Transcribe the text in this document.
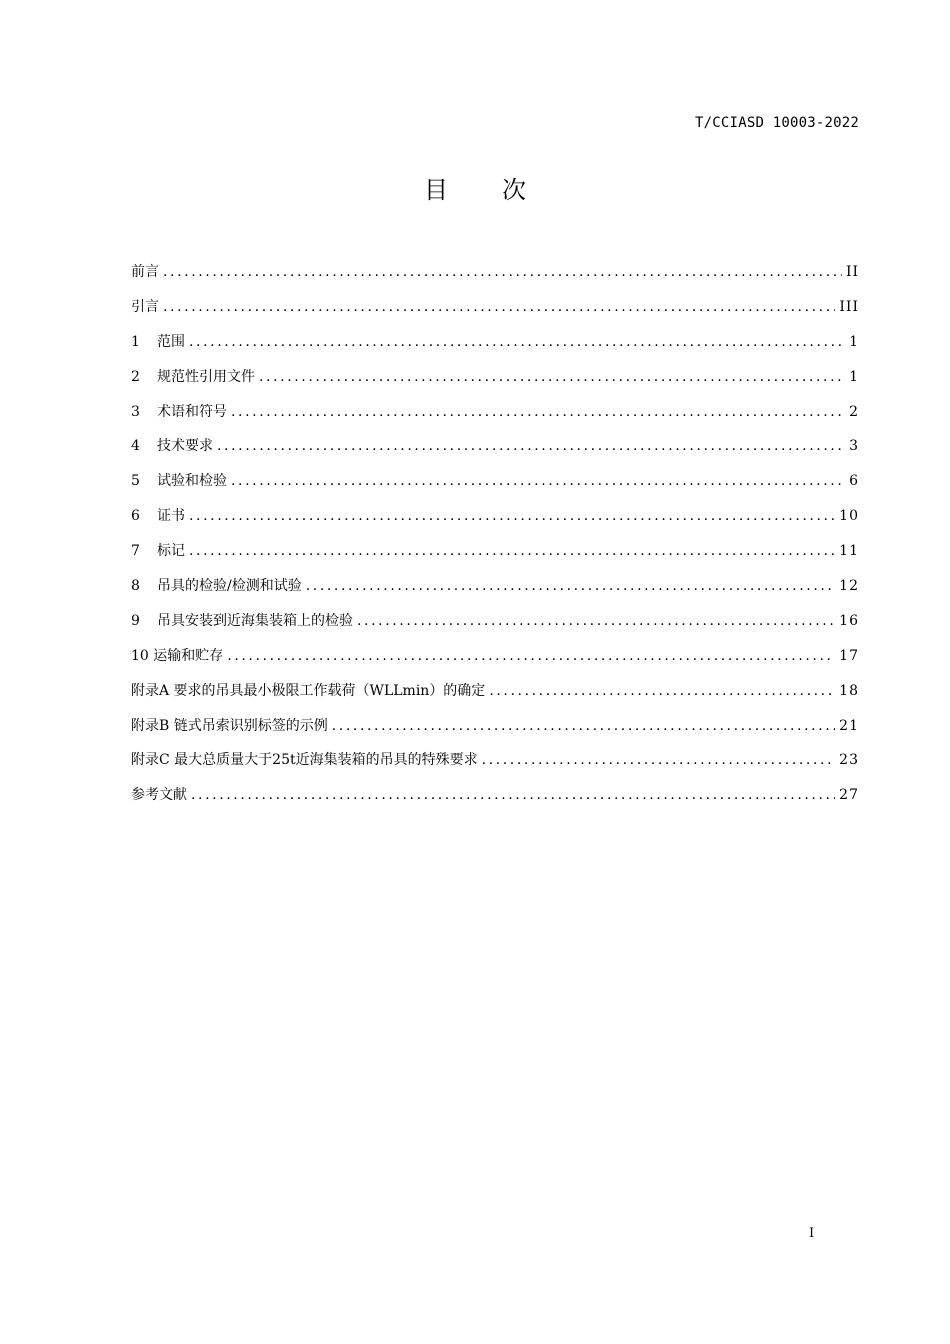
T/CCIASD 10003-2022
目次
前言 .....	II
引言 .....	III
1	范围 .....	1
2	规范性引用文件 .....	1
3	术语和符号 .....	2
4	技术要求 .....	3
5	试验和检验 .....	6
6	证书 .....	10
7	标记 .....	11
8	吊具的检验/检测和试验 .....	12
9	吊具安装到近海集装箱上的检验 .....	16
10 运输和贮存 .....	17
附录A 要求的吊具最小极限工作载荷（WLLmin）的确定 .....	18
附录B 链式吊索识别标签的示例 .....	21
附录C 最大总质量大于25t近海集装箱的吊具的特殊要求 .....	23
参考文献 .....	27
I
